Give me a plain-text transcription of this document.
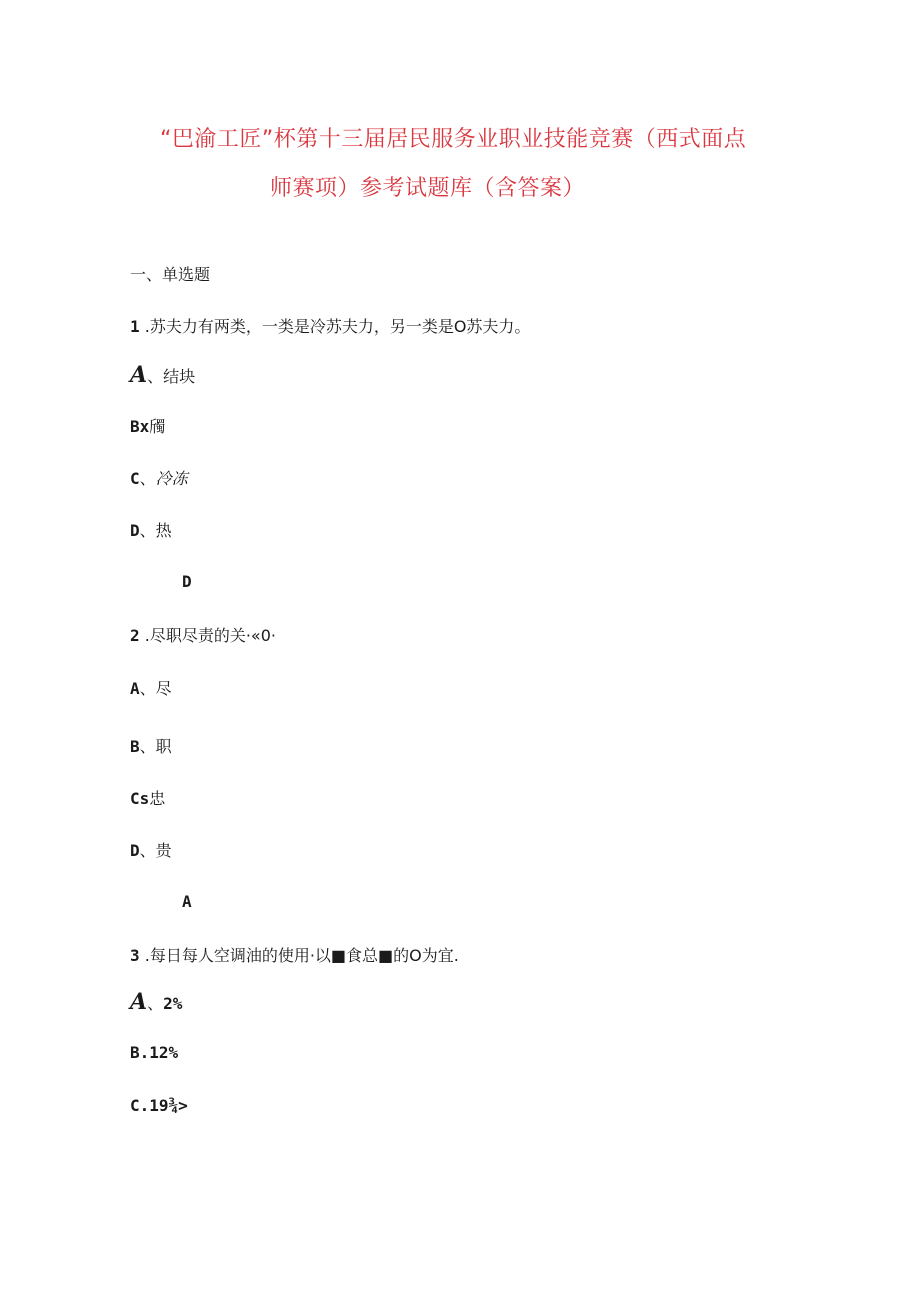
“巴渝工匠”杯第十三届居民服务业职业技能竞赛（西式面点
师赛项）参考试题库（含答案）
一、单选题
1 .苏夫力有两类，一类是冷苏夫力，另一类是O苏夫力。
A、结块
Bx斶
C、冷冻
D、热
D
2 .尽职尽责的关·«0·
A、尽
B、职
Cs忠
D、贵
A
3 .每日每人空调油的使用·以■食总■的O为宜.
A、2%
B.12%
C.19¾>
